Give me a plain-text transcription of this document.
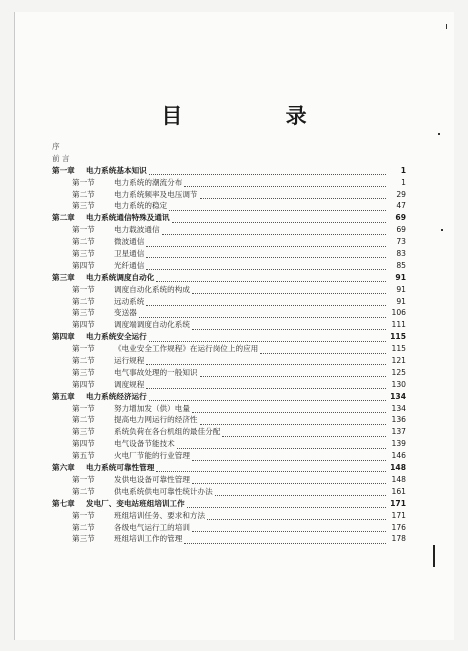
目 录
序
前 言
第一章	电力系统基本知识	1
第一节	电力系统的潮流分布	1
第二节	电力系统频率及电压调节	29
第三节	电力系统的稳定	47
第二章	电力系统通信特殊及通讯	69
第一节	电力载波通信	69
第二节	微波通信	73
第三节	卫星通信	83
第四节	光纤通信	85
第三章	电力系统调度自动化	91
第一节	调度自动化系统的构成	91
第二节	远动系统	91
第三节	变送器	106
第四节	调度端调度自动化系统	111
第四章	电力系统安全运行	115
第一节	《电业安全工作规程》在运行岗位上的应用	115
第二节	运行规程	121
第三节	电气事故处理的一般知识	125
第四节	调度规程	130
第五章	电力系统经济运行	134
第一节	努力增加发（供）电量	134
第二节	提高电力网运行的经济性	136
第三节	系统负荷在各台机组的最佳分配	137
第四节	电气设备节能技术	139
第五节	火电厂节能的行业管理	146
第六章	电力系统可靠性管理	148
第一节	发供电设备可靠性管理	148
第二节	供电系统供电可靠性统计办法	161
第七章	发电厂、变电站班组培训工作	171
第一节	班组培训任务、要求和方法	171
第二节	各级电气运行工的培训	176
第三节	班组培训工作的管理	178
